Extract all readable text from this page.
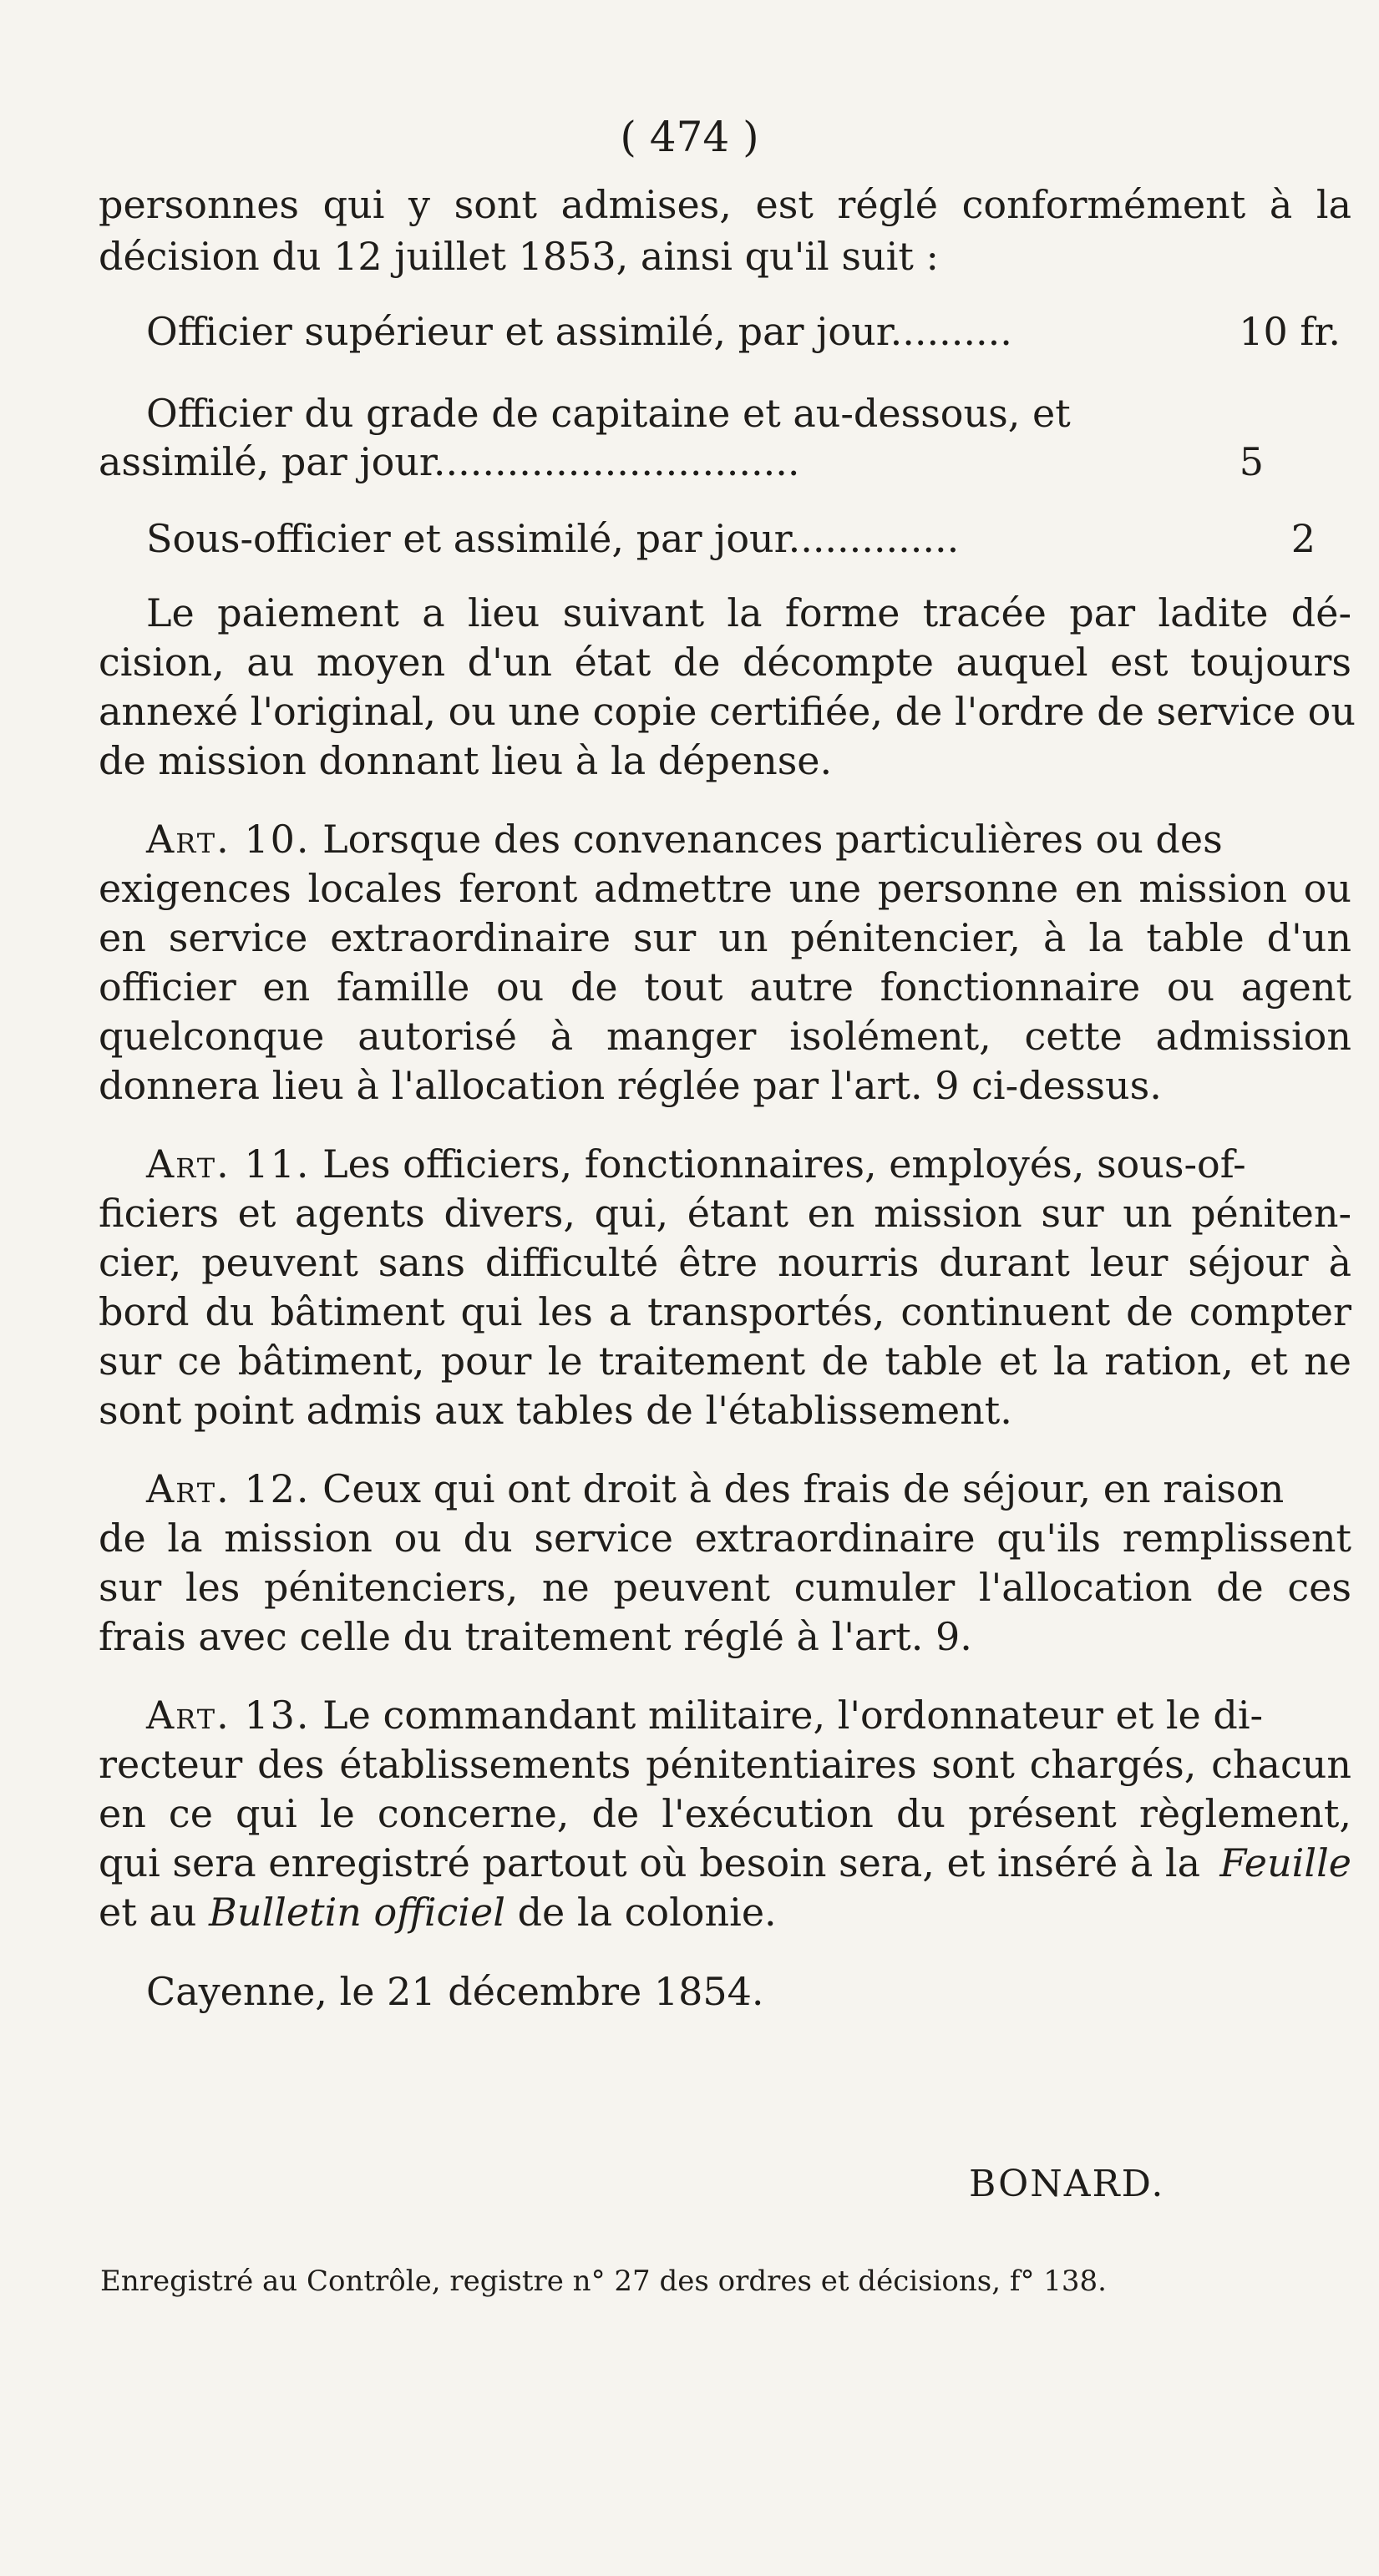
( 474 )
personnes qui y sont admises, est réglé conformément à la
décision du 12 juillet 1853, ainsi qu'il suit :
Officier supérieur et assimilé, par jour..........	10 fr.
Officier du grade de capitaine et au-dessous, et
assimilé, par jour..............................	5
Sous-officier et assimilé, par jour..............	2
Le paiement a lieu suivant la forme tracée par ladite dé-
cision, au moyen d'un état de décompte auquel est toujours
annexé l'original, ou une copie certifiée, de l'ordre de service ou
de mission donnant lieu à la dépense.
Art. 10. Lorsque des convenances particulières ou des
exigences locales feront admettre une personne en mission ou
en service extraordinaire sur un pénitencier, à la table d'un
officier en famille ou de tout autre fonctionnaire ou agent
quelconque autorisé à manger isolément, cette admission
donnera lieu à l'allocation réglée par l'art. 9 ci-dessus.
Art. 11. Les officiers, fonctionnaires, employés, sous-of-
ficiers et agents divers, qui, étant en mission sur un péniten-
cier, peuvent sans difficulté être nourris durant leur séjour à
bord du bâtiment qui les a transportés, continuent de compter
sur ce bâtiment, pour le traitement de table et la ration, et ne
sont point admis aux tables de l'établissement.
Art. 12. Ceux qui ont droit à des frais de séjour, en raison
de la mission ou du service extraordinaire qu'ils remplissent
sur les pénitenciers, ne peuvent cumuler l'allocation de ces
frais avec celle du traitement réglé à l'art. 9.
Art. 13. Le commandant militaire, l'ordonnateur et le di-
recteur des établissements pénitentiaires sont chargés, chacun
en ce qui le concerne, de l'exécution du présent règlement,
qui sera enregistré partout où besoin sera, et inséré à la Feuille
et au Bulletin officiel de la colonie.
Cayenne, le 21 décembre 1854.
BONARD.
Enregistré au Contrôle, registre n° 27 des ordres et décisions, f° 138.
